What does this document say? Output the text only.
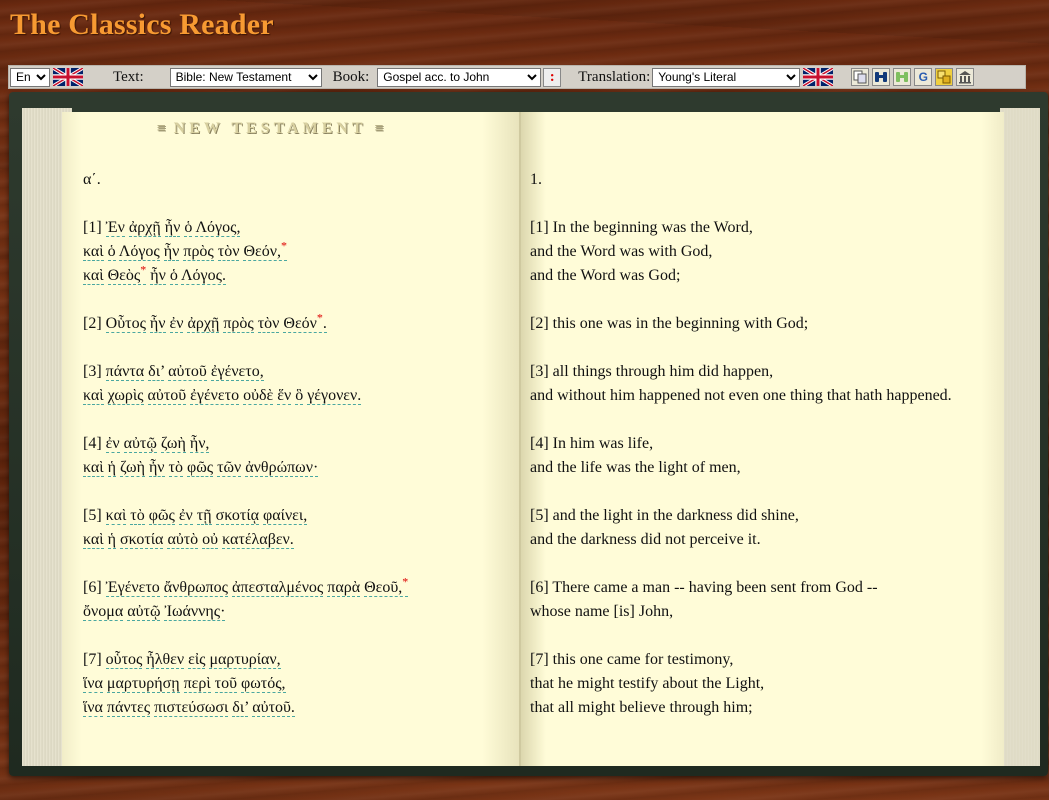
The Classics Reader
En
Text:
Bible: New Testament	Book:
Gospel acc. to John	:	Translation:
Young's Literal	G
≡ NEW TESTAMENT ≡
α΄.
[1] Ἐν ἀρχῇ ἦν ὁ Λόγος,
καὶ ὁ Λόγος ἦν πρὸς τὸν Θεόν,*
καὶ Θεὸς* ἦν ὁ Λόγος.
[2] Οὗτος ἦν ἐν ἀρχῇ πρὸς τὸν Θεόν*.
[3] πάντα δι’ αὐτοῦ ἐγένετο,
καὶ χωρὶς αὐτοῦ ἐγένετο οὐδὲ ἕν ὃ γέγονεν.
[4] ἐν αὐτῷ ζωὴ ἦν,
καὶ ἡ ζωὴ ἦν τὸ φῶς τῶν ἀνθρώπων·
[5] καὶ τὸ φῶς ἐν τῇ σκοτίᾳ φαίνει,
καὶ ἡ σκοτία αὐτὸ οὐ κατέλαβεν.
[6] Ἐγένετο ἄνθρωπος ἀπεσταλμένος παρὰ Θεοῦ,*
ὄνομα αὐτῷ Ἰωάννης·
[7] οὗτος ἦλθεν εἰς μαρτυρίαν,
ἵνα μαρτυρήσῃ περὶ τοῦ φωτός,
ἵνα πάντες πιστεύσωσι δι’ αὐτοῦ.
1.
[1] In the beginning was the Word,
and the Word was with God,
and the Word was God;
[2] this one was in the beginning with God;
[3] all things through him did happen,
and without him happened not even one thing that hath happened.
[4] In him was life,
and the life was the light of men,
[5] and the light in the darkness did shine,
and the darkness did not perceive it.
[6] There came a man -- having been sent from God --
whose name [is] John,
[7] this one came for testimony,
that he might testify about the Light,
that all might believe through him;
